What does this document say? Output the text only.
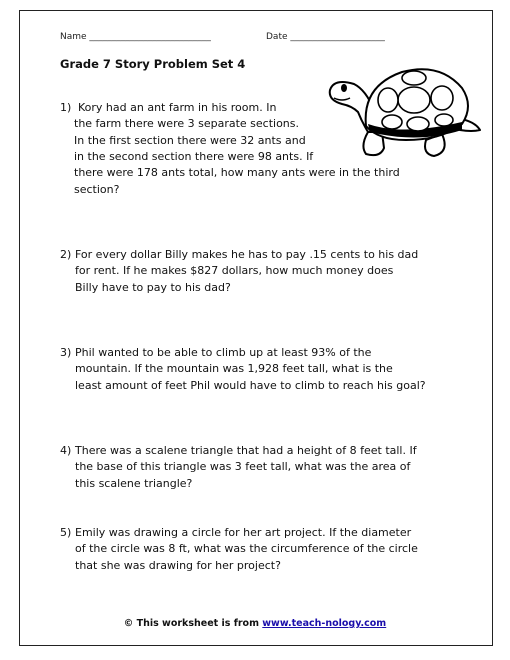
Name ___________________________	Date _____________________
Grade 7 Story Problem Set 4
1) Kory had an ant farm in his room. In
the farm there were 3 separate sections.
In the first section there were 32 ants and
in the second section there were 98 ants. If
there were 178 ants total, how many ants were in the third
section?
2) For every dollar Billy makes he has to pay .15 cents to his dad
for rent. If he makes $827 dollars, how much money does
Billy have to pay to his dad?
3) Phil wanted to be able to climb up at least 93% of the
mountain. If the mountain was 1,928 feet tall, what is the
least amount of feet Phil would have to climb to reach his goal?
4) There was a scalene triangle that had a height of 8 feet tall. If
the base of this triangle was 3 feet tall, what was the area of
this scalene triangle?
5) Emily was drawing a circle for her art project. If the diameter
of the circle was 8 ft, what was the circumference of the circle
that she was drawing for her project?
© This worksheet is from www.teach-nology.com
